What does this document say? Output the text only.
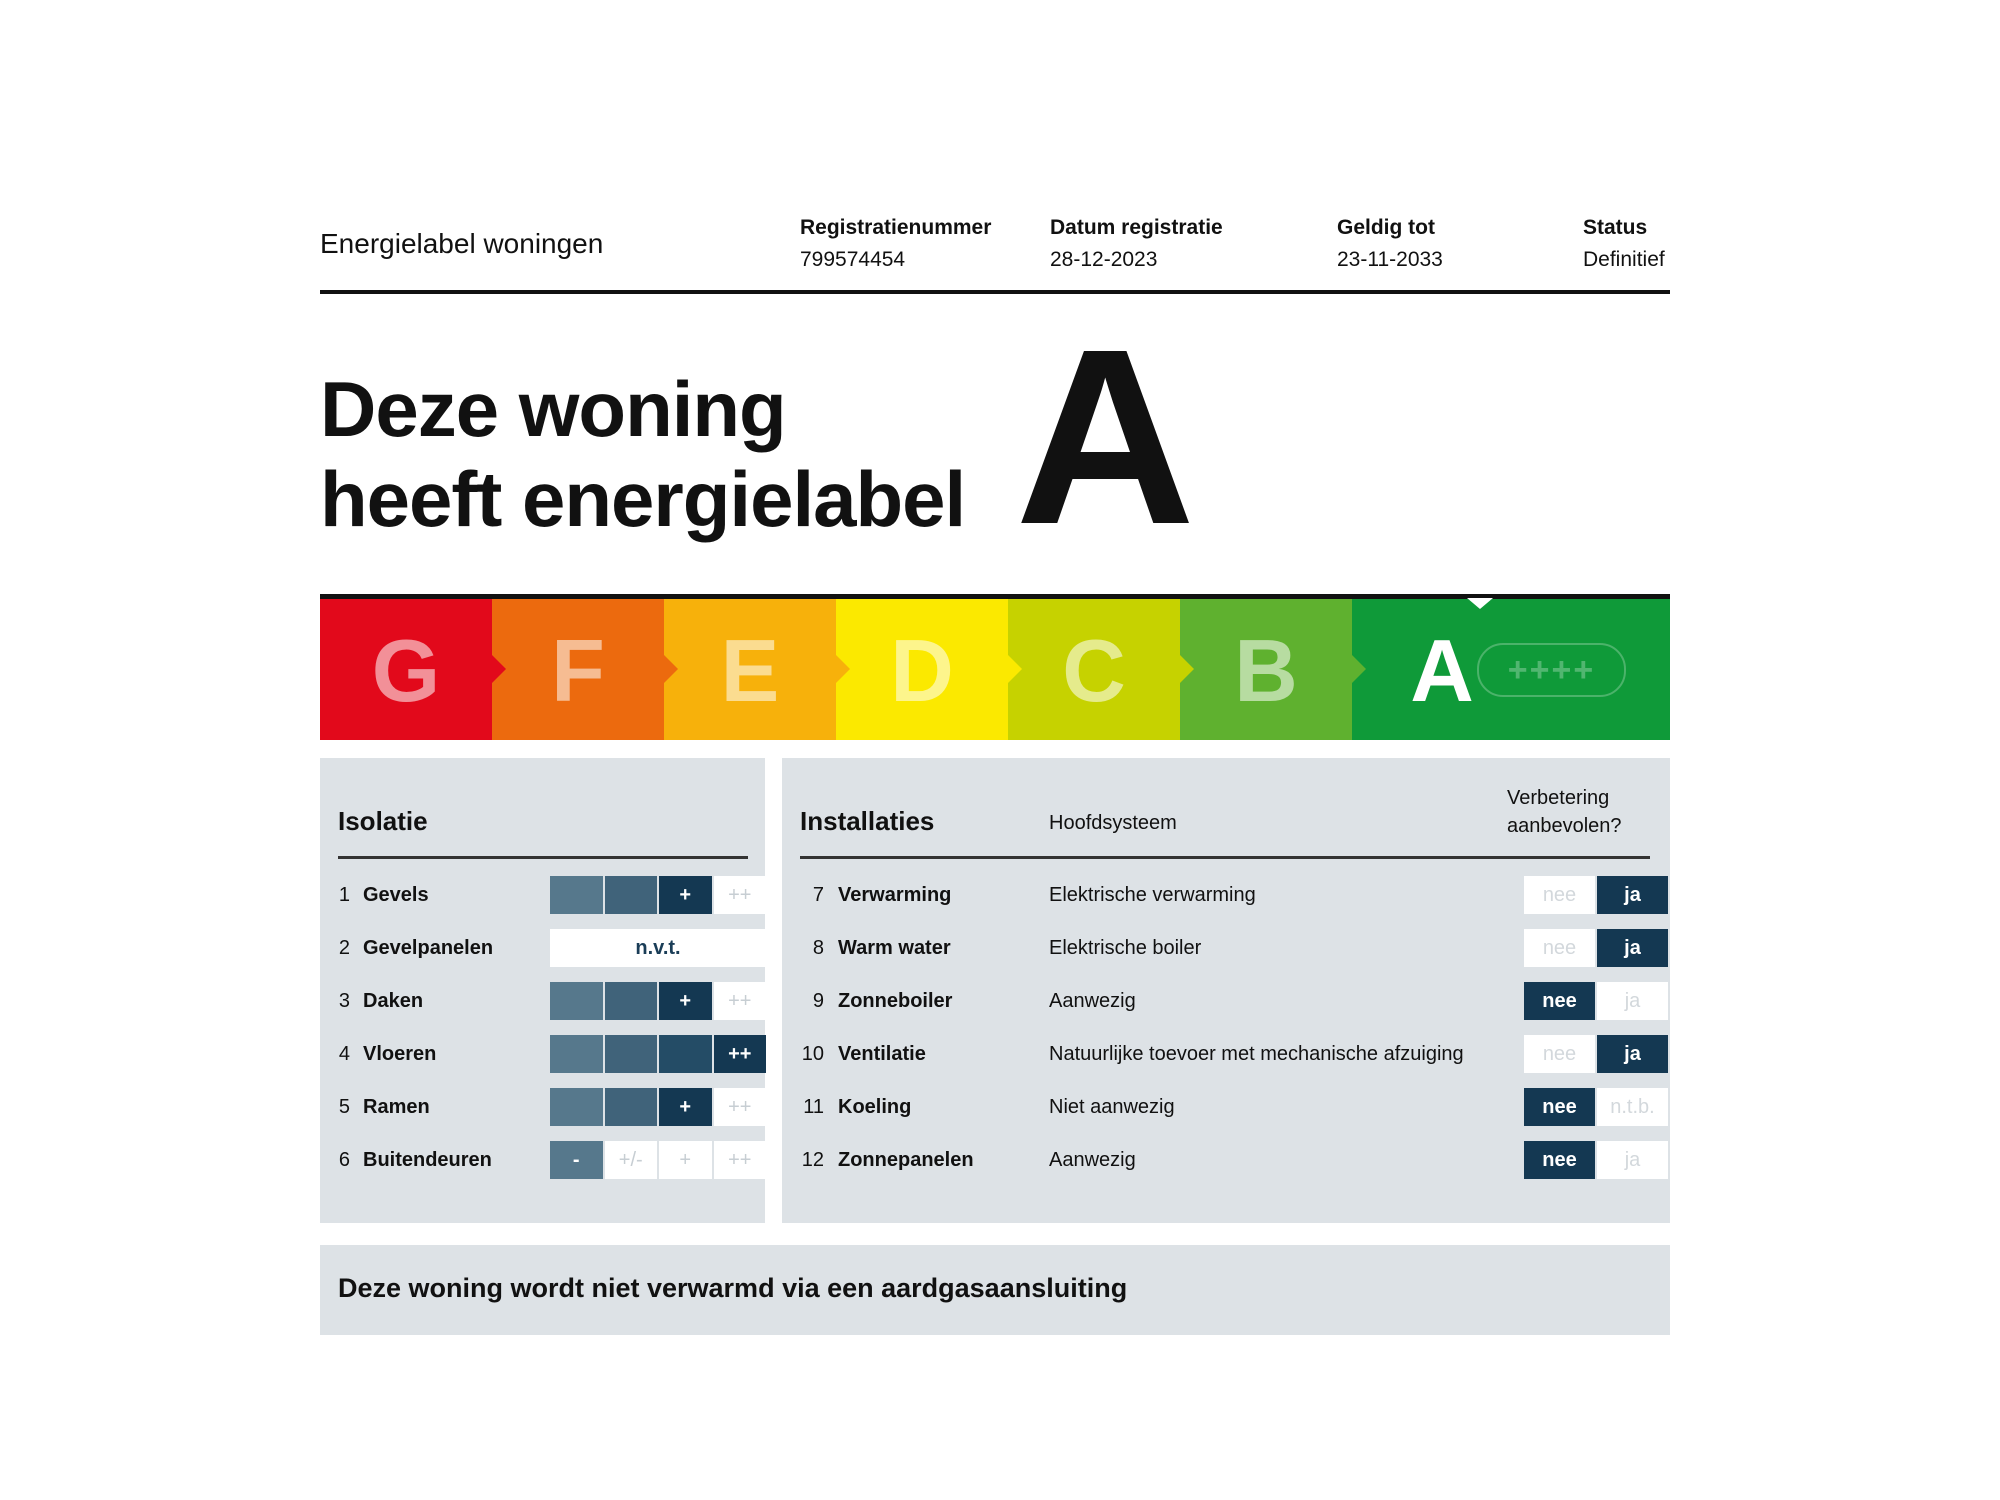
Energielabel woningen
Registratienummer
799574454
Datum registratie
28-12-2023
Geldig tot
23-11-2033
Status
Definitief
Deze woning
heeft energielabel A
G	F	E	D	C	B	A	++++
Isolatie
1 Gevels	+	++
2 Gevelpanelen	n.v.t.
3 Daken	+	++
4 Vloeren	++
5 Ramen	+	++
6 Buitendeuren	-	+/-	+	++
Installaties	Hoofdsysteem
Verbetering
aanbevolen?
7 Verwarming	Elektrische verwarming	nee	ja
8 Warm water	Elektrische boiler	nee	ja
9 Zonneboiler	Aanwezig	nee	ja
10 Ventilatie	Natuurlijke toevoer met mechanische afzuiging	nee	ja
11 Koeling	Niet aanwezig	nee	n.t.b.
12 Zonnepanelen	Aanwezig	nee	ja
Deze woning wordt niet verwarmd via een aardgasaansluiting
